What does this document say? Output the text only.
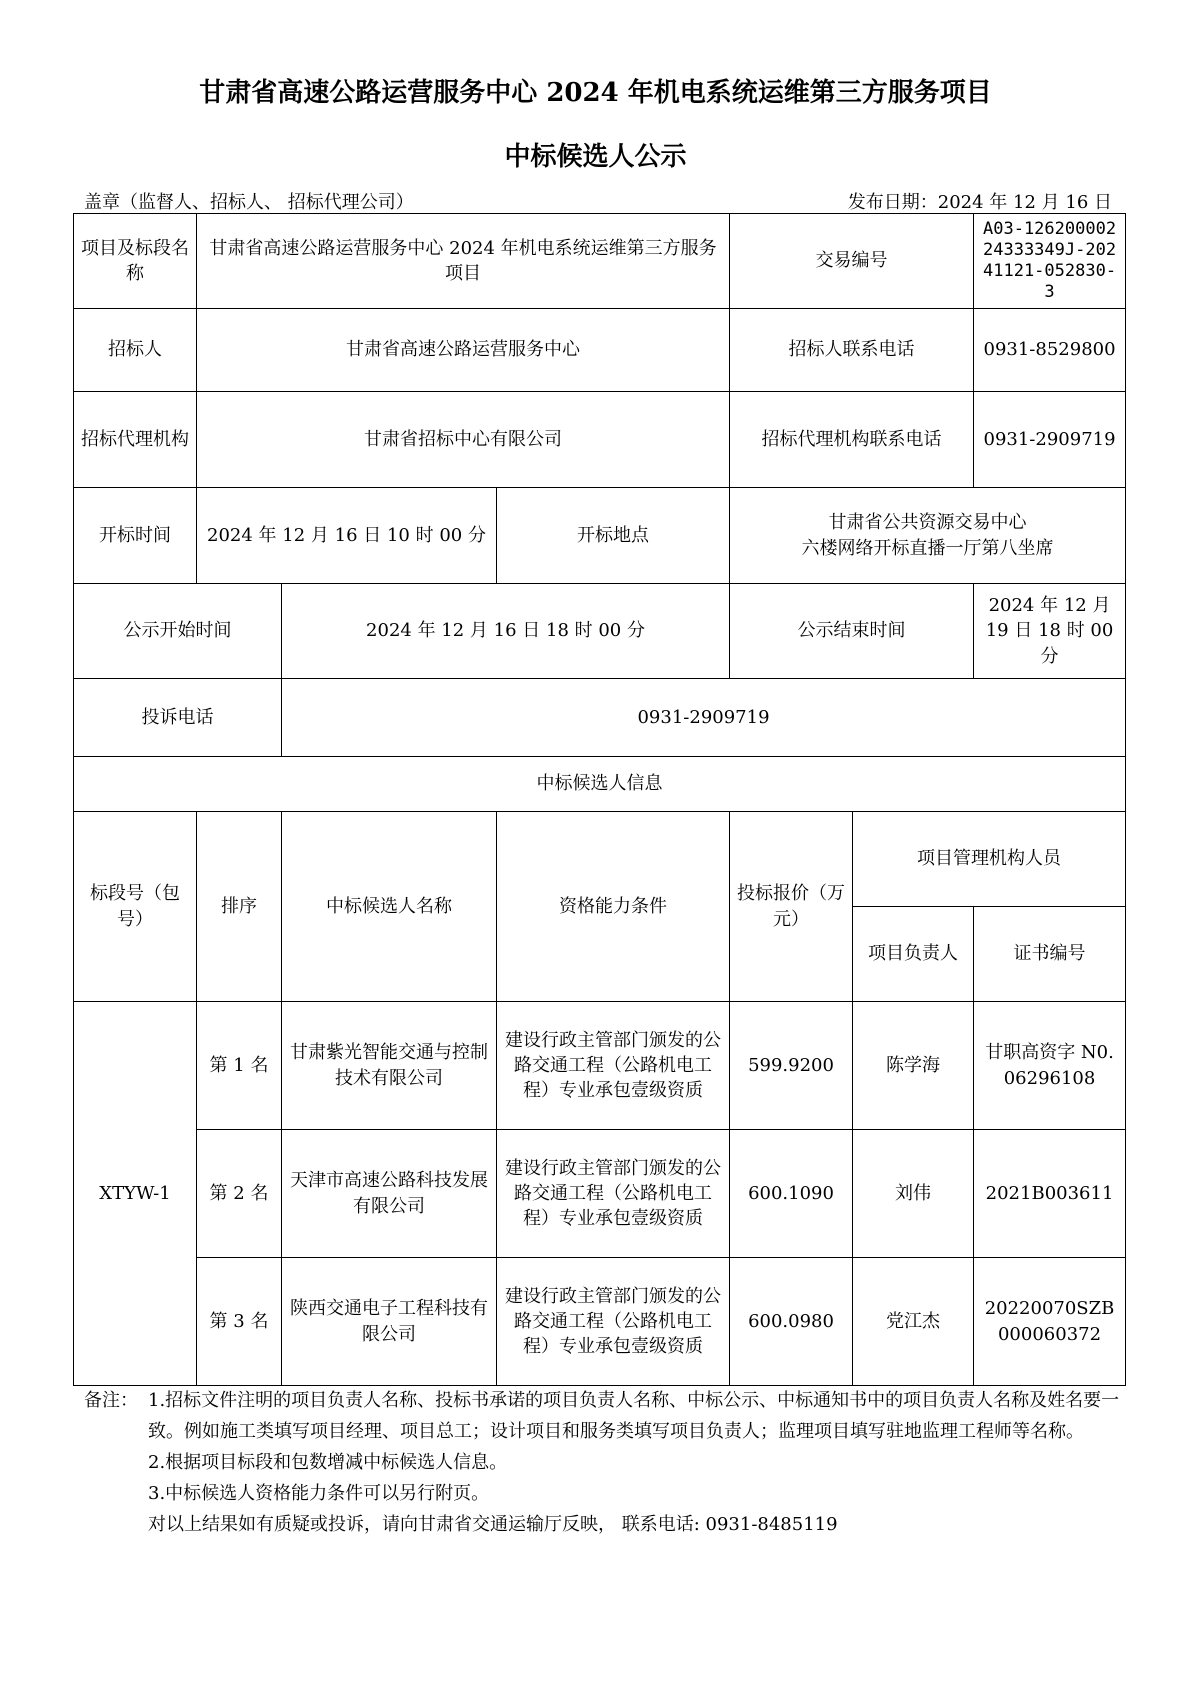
甘肃省高速公路运营服务中心 2024 年机电系统运维第三方服务项目
中标候选人公示
盖章（监督人、招标人、 招标代理公司）	发布日期：2024 年 12 月 16 日
项目及标段名称	甘肃省高速公路运营服务中心 2024 年机电系统运维第三方服务项目			交易编号		A03-12620000224333349J-20241121-052830-3
招标人	甘肃省高速公路运营服务中心			招标人联系电话		0931-8529800
招标代理机构	甘肃省招标中心有限公司			招标代理机构联系电话		0931-2909719
开标时间	2024 年 12 月 16 日 10 时 00 分		开标地点	甘肃省公共资源交易中心
六楼网络开标直播一厅第八坐席		

公示开始时间		2024 年 12 月 16 日 18 时 00 分		公示结束时间		2024 年 12 月 19 日 18 时 00 分
投诉电话		0931-2909719				
中标候选人信息						
标段号（包号）	排序	中标候选人名称	资格能力条件	投标报价（万元）	项目管理机构人员	
					项目负责人	证书编号
XTYW-1	第 1 名	甘肃紫光智能交通与控制技术有限公司	建设行政主管部门颁发的公路交通工程（公路机电工程）专业承包壹级资质	599.9200	陈学海	甘职高资字 N0.06296108
	第 2 名	天津市高速公路科技发展有限公司	建设行政主管部门颁发的公路交通工程（公路机电工程）专业承包壹级资质	600.1090	刘伟	2021B003611
	第 3 名	陕西交通电子工程科技有限公司	建设行政主管部门颁发的公路交通工程（公路机电工程）专业承包壹级资质	600.0980	党江杰	20220070SZB000060372
备注： 1.招标文件注明的项目负责人名称、投标书承诺的项目负责人名称、中标公示、中标通知书中的项目负责人名称及姓名要一致。例如施工类填写项目经理、项目总工；设计项目和服务类填写项目负责人；监理项目填写驻地监理工程师等名称。
2.根据项目标段和包数增减中标候选人信息。
3.中标候选人资格能力条件可以另行附页。
对以上结果如有质疑或投诉，请向甘肃省交通运输厅反映， 联系电话: 0931-8485119
